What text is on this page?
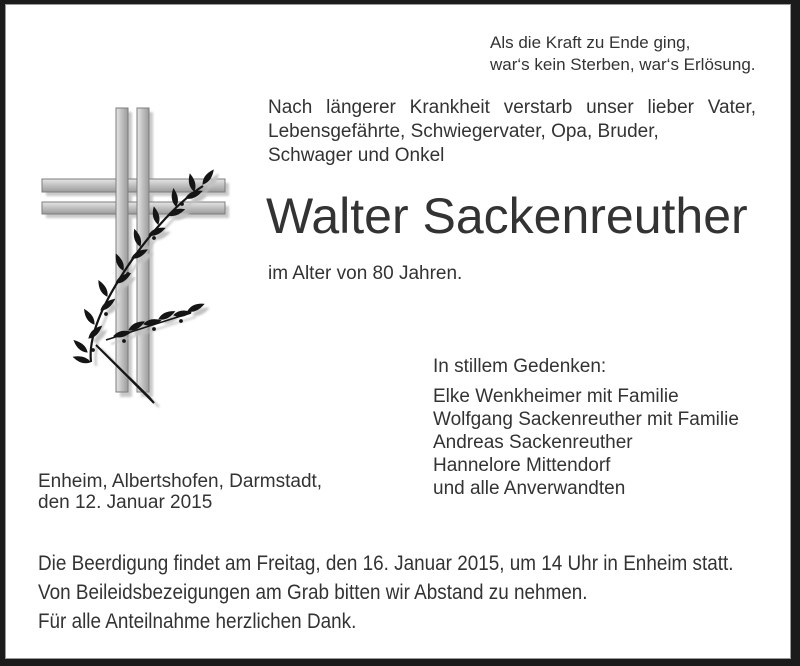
Als die Kraft zu Ende ging,
war‘s kein Sterben, war‘s Erlösung.
Nach längerer Krankheit verstarb unser lieber Vater,
Lebensgefährte, Schwiegervater, Opa, Bruder,
Schwager und Onkel
Walter Sackenreuther
im Alter von 80 Jahren.
In stillem Gedenken:
Elke Wenkheimer mit Familie
Wolfgang Sackenreuther mit Familie
Andreas Sackenreuther
Hannelore Mittendorf
und alle Anverwandten
Enheim, Albertshofen, Darmstadt,
den 12. Januar 2015
Die Beerdigung findet am Freitag, den 16. Januar 2015, um 14 Uhr in Enheim statt.
Von Beileidsbezeigungen am Grab bitten wir Abstand zu nehmen.
Für alle Anteilnahme herzlichen Dank.
